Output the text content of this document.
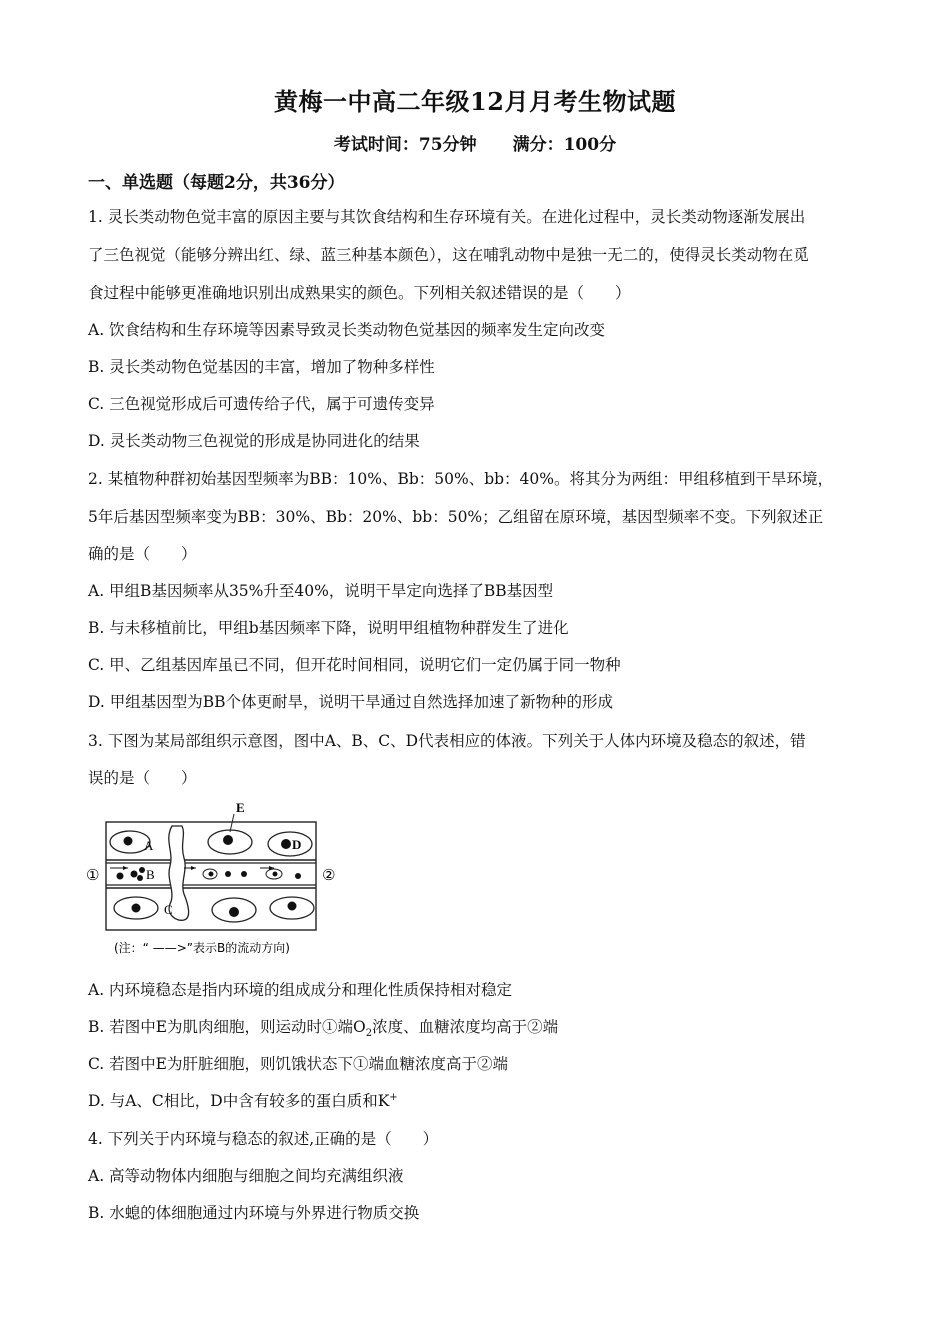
黄梅一中高二年级12月月考生物试题
考试时间：75分钟 满分：100分
一、单选题（每题2分，共36分）
1. 灵长类动物色觉丰富的原因主要与其饮食结构和生存环境有关。在进化过程中，灵长类动物逐渐发展出
了三色视觉（能够分辨出红、绿、蓝三种基本颜色），这在哺乳动物中是独一无二的，使得灵长类动物在觅
食过程中能够更准确地识别出成熟果实的颜色。下列相关叙述错误的是（　　）
A. 饮食结构和生存环境等因素导致灵长类动物色觉基因的频率发生定向改变
B. 灵长类动物色觉基因的丰富，增加了物种多样性
C. 三色视觉形成后可遗传给子代，属于可遗传变异
D. 灵长类动物三色视觉的形成是协同进化的结果
2. 某植物种群初始基因型频率为BB：10%、Bb：50%、bb：40%。将其分为两组：甲组移植到干旱环境，
5年后基因型频率变为BB：30%、Bb：20%、bb：50%；乙组留在原环境，基因型频率不变。下列叙述正
确的是（　　）
A. 甲组B基因频率从35%升至40%，说明干旱定向选择了BB基因型
B. 与未移植前比，甲组b基因频率下降，说明甲组植物种群发生了进化
C. 甲、乙组基因库虽已不同，但开花时间相同，说明它们一定仍属于同一物种
D. 甲组基因型为BB个体更耐旱，说明干旱通过自然选择加速了新物种的形成
3. 下图为某局部组织示意图，图中A、B、C、D代表相应的体液。下列关于人体内环境及稳态的叙述，错
误的是（　　）
E
A
B
C
D
①	②
(注：“ ——>”表示B的流动方向)
A. 内环境稳态是指内环境的组成成分和理化性质保持相对稳定
B. 若图中E为肌肉细胞，则运动时①端$O_2$浓度、血糖浓度均高于②端
C. 若图中E为肝脏细胞，则饥饿状态下①端血糖浓度高于②端
D. 与A、C相比，D中含有较多的蛋白质和K+
4. 下列关于内环境与稳态的叙述,正确的是（　　）
A. 高等动物体内细胞与细胞之间均充满组织液
B. 水螅的体细胞通过内环境与外界进行物质交换
